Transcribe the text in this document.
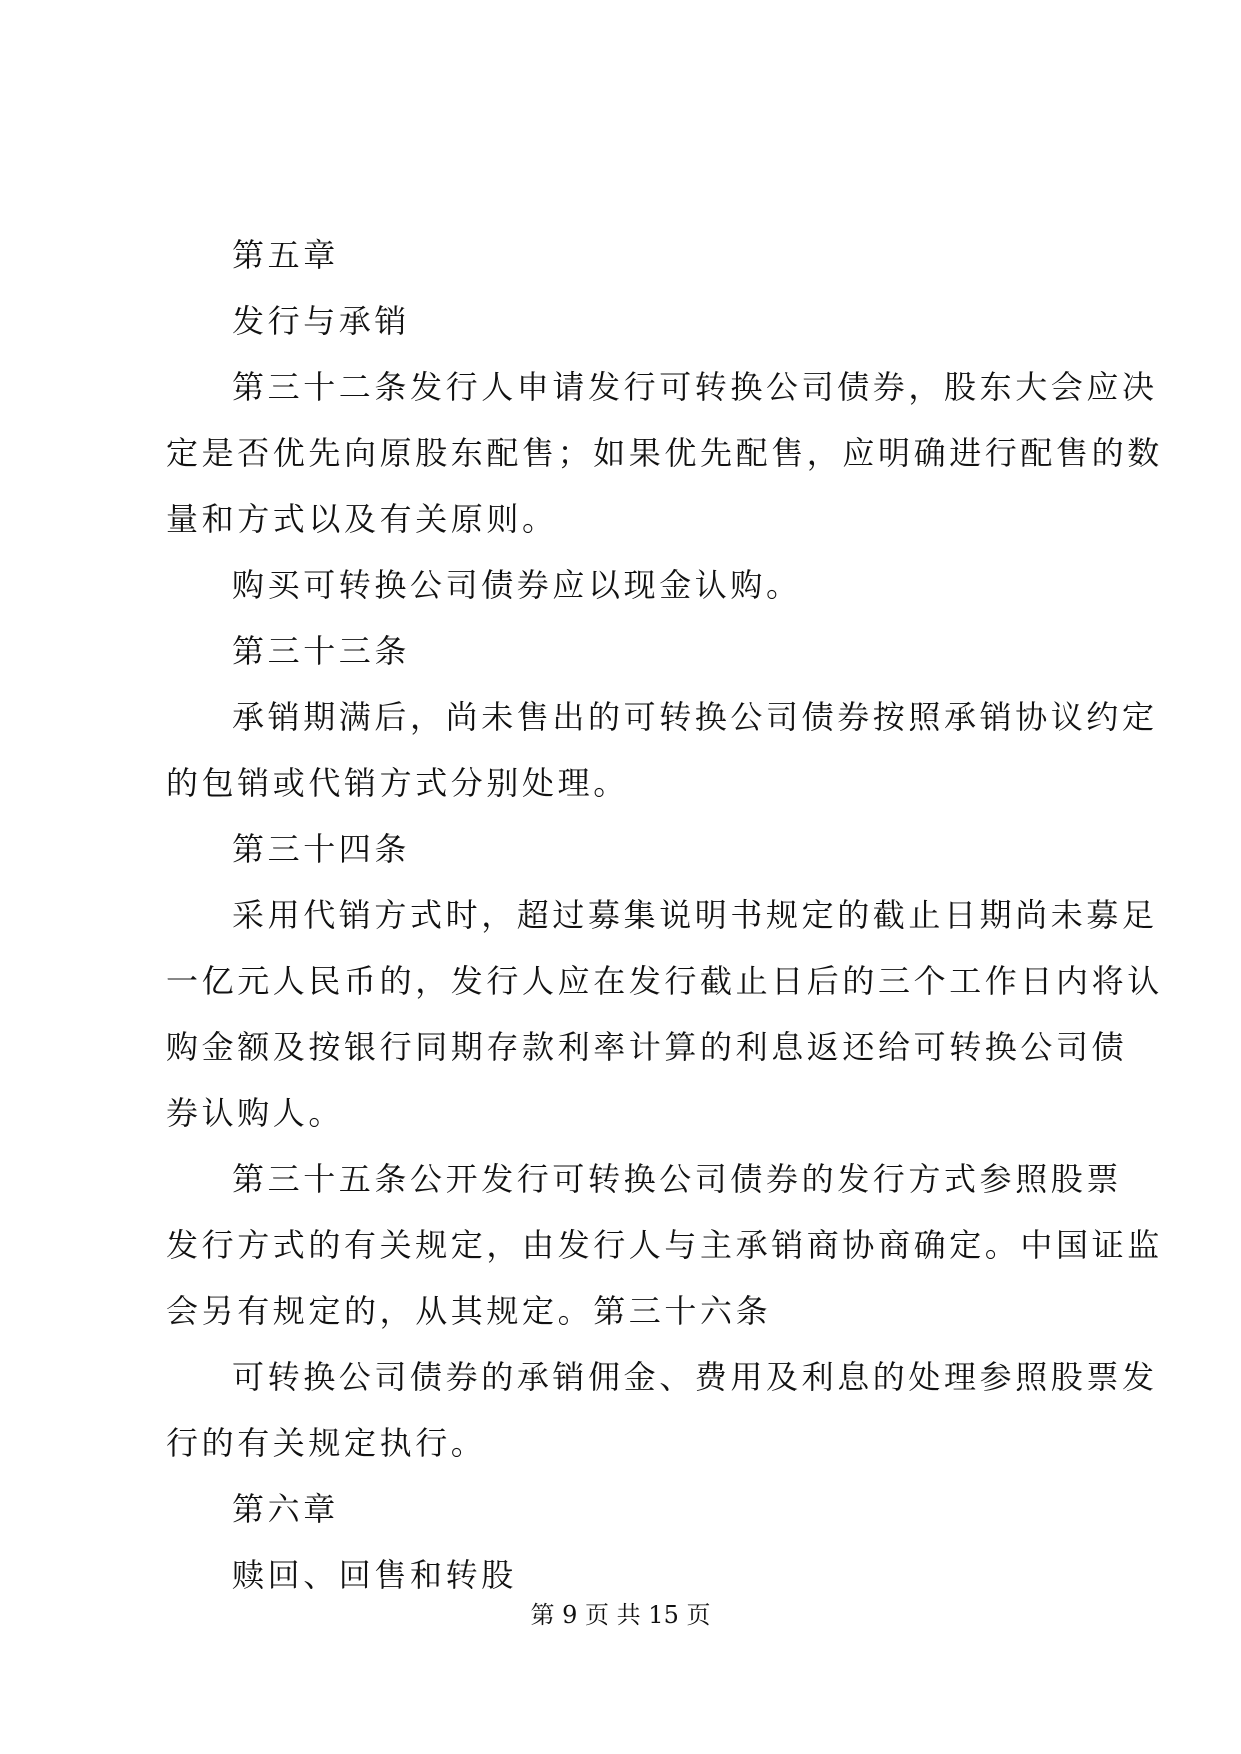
第五章
发行与承销
第三十二条发行人申请发行可转换公司债券，股东大会应决
定是否优先向原股东配售；如果优先配售，应明确进行配售的数
量和方式以及有关原则。
购买可转换公司债券应以现金认购。
第三十三条
承销期满后，尚未售出的可转换公司债券按照承销协议约定
的包销或代销方式分别处理。
第三十四条
采用代销方式时，超过募集说明书规定的截止日期尚未募足
一亿元人民币的，发行人应在发行截止日后的三个工作日内将认
购金额及按银行同期存款利率计算的利息返还给可转换公司债
券认购人。
第三十五条公开发行可转换公司债券的发行方式参照股票
发行方式的有关规定，由发行人与主承销商协商确定。中国证监
会另有规定的，从其规定。第三十六条
可转换公司债券的承销佣金、费用及利息的处理参照股票发
行的有关规定执行。
第六章
赎回、回售和转股
第 9 页 共 15 页
